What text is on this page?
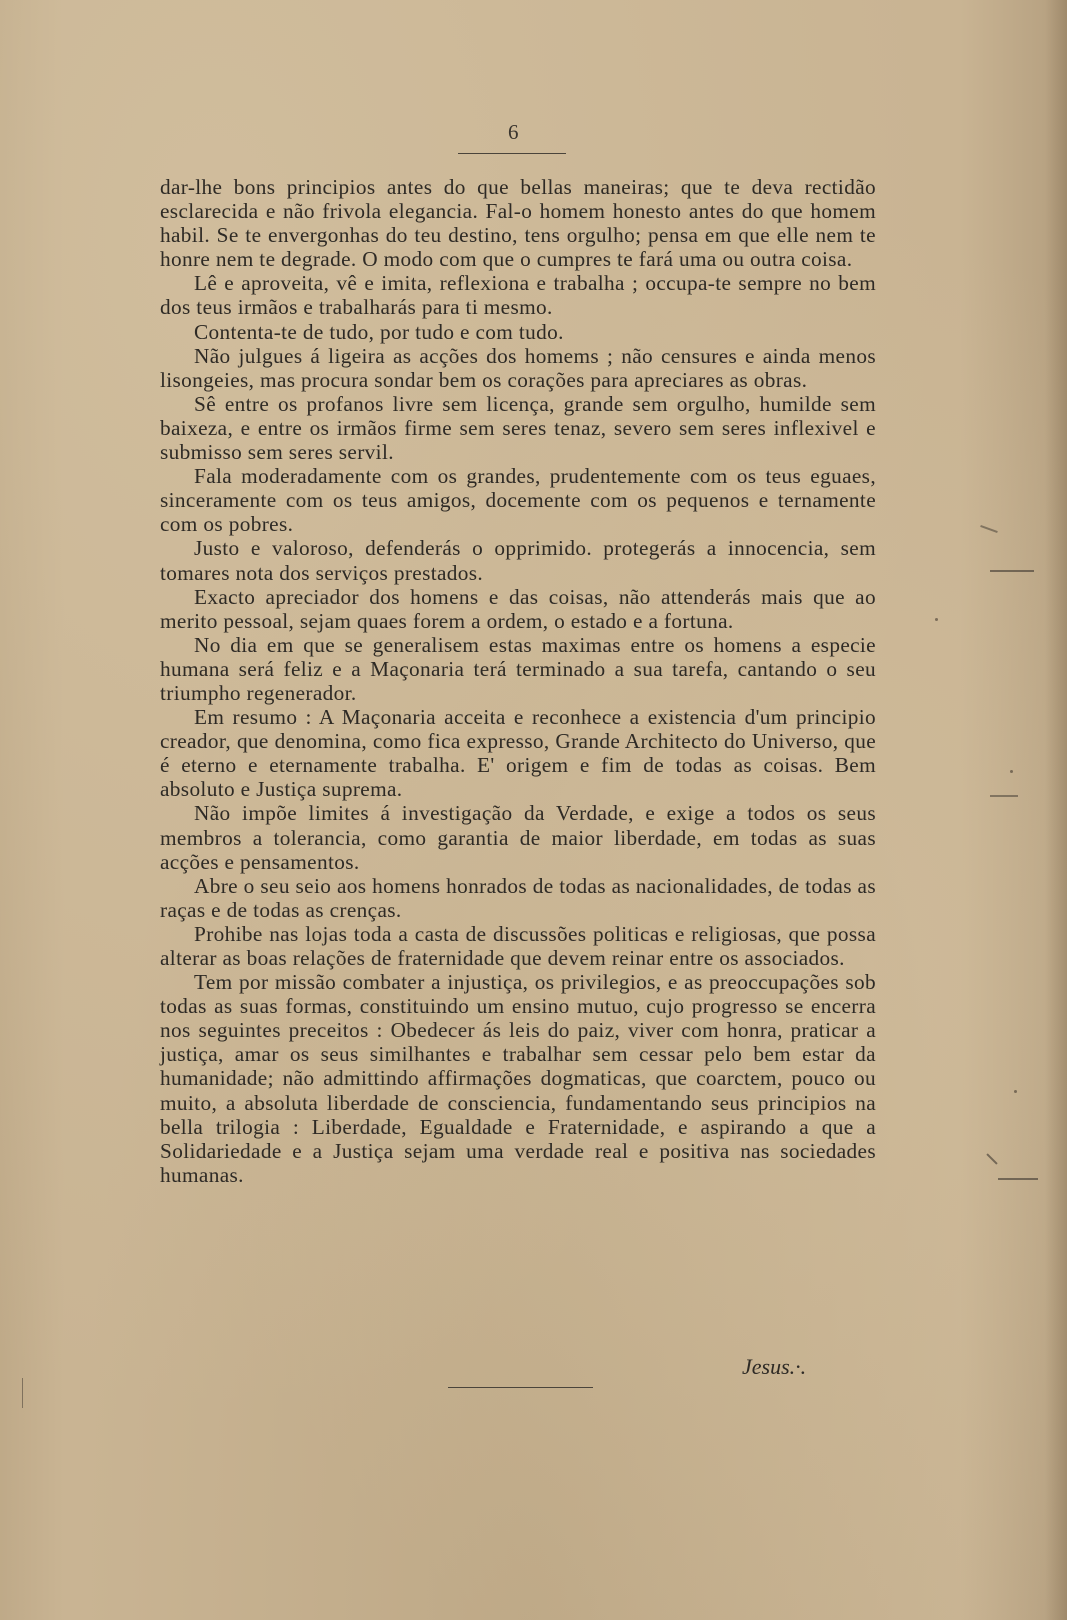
6

dar-lhe bons principios antes do que bellas maneiras; que te deva rectidão esclarecida e não frivola elegancia. Fal-o homem honesto antes do que homem habil. Se te envergonhas do teu destino, tens orgulho; pensa em que elle nem te honre nem te degrade. O modo com que o cumpres te fará uma ou outra coisa.

Lê e aproveita, vê e imita, reflexiona e trabalha ; occupa-te sempre no bem dos teus irmãos e trabalharás para ti mesmo.

Contenta-te de tudo, por tudo e com tudo.

Não julgues á ligeira as acções dos homems ; não censures e ainda menos lisongeies, mas procura sondar bem os corações para apreciares as obras.

Sê entre os profanos livre sem licença, grande sem orgulho, humilde sem baixeza, e entre os irmãos firme sem seres tenaz, severo sem seres inflexivel e submisso sem seres servil.

Fala moderadamente com os grandes, prudentemente com os teus eguaes, sinceramente com os teus amigos, docemente com os pequenos e ternamente com os pobres.

Justo e valoroso, defenderás o opprimido. protegerás a innocencia, sem tomares nota dos serviços prestados.

Exacto apreciador dos homens e das coisas, não attenderás mais que ao merito pessoal, sejam quaes forem a ordem, o estado e a fortuna.

No dia em que se generalisem estas maximas entre os homens a especie humana será feliz e a Maçonaria terá terminado a sua tarefa, cantando o seu triumpho regenerador.

Em resumo : A Maçonaria acceita e reconhece a existencia d'um principio creador, que denomina, como fica expresso, Grande Architecto do Universo, que é eterno e eternamente trabalha. E' origem e fim de todas as coisas. Bem absoluto e Justiça suprema.

Não impõe limites á investigação da Verdade, e exige a todos os seus membros a tolerancia, como garantia de maior liberdade, em todas as suas acções e pensamentos.

Abre o seu seio aos homens honrados de todas as nacionalidades, de todas as raças e de todas as crenças.

Prohibe nas lojas toda a casta de discussões politicas e religiosas, que possa alterar as boas relações de fraternidade que devem reinar entre os associados.

Tem por missão combater a injustiça, os privilegios, e as preoccupações sob todas as suas formas, constituindo um ensino mutuo, cujo progresso se encerra nos seguintes preceitos : Obedecer ás leis do paiz, viver com honra, praticar a justiça, amar os seus similhantes e trabalhar sem cessar pelo bem estar da humanidade; não admittindo affirmações dogmaticas, que coarctem, pouco ou muito, a absoluta liberdade de consciencia, fundamentando seus principios na bella trilogia : Liberdade, Egualdade e Fraternidade, e aspirando a que a Solidariedade e a Justiça sejam uma verdade real e positiva nas sociedades humanas.

Jesus.·.
